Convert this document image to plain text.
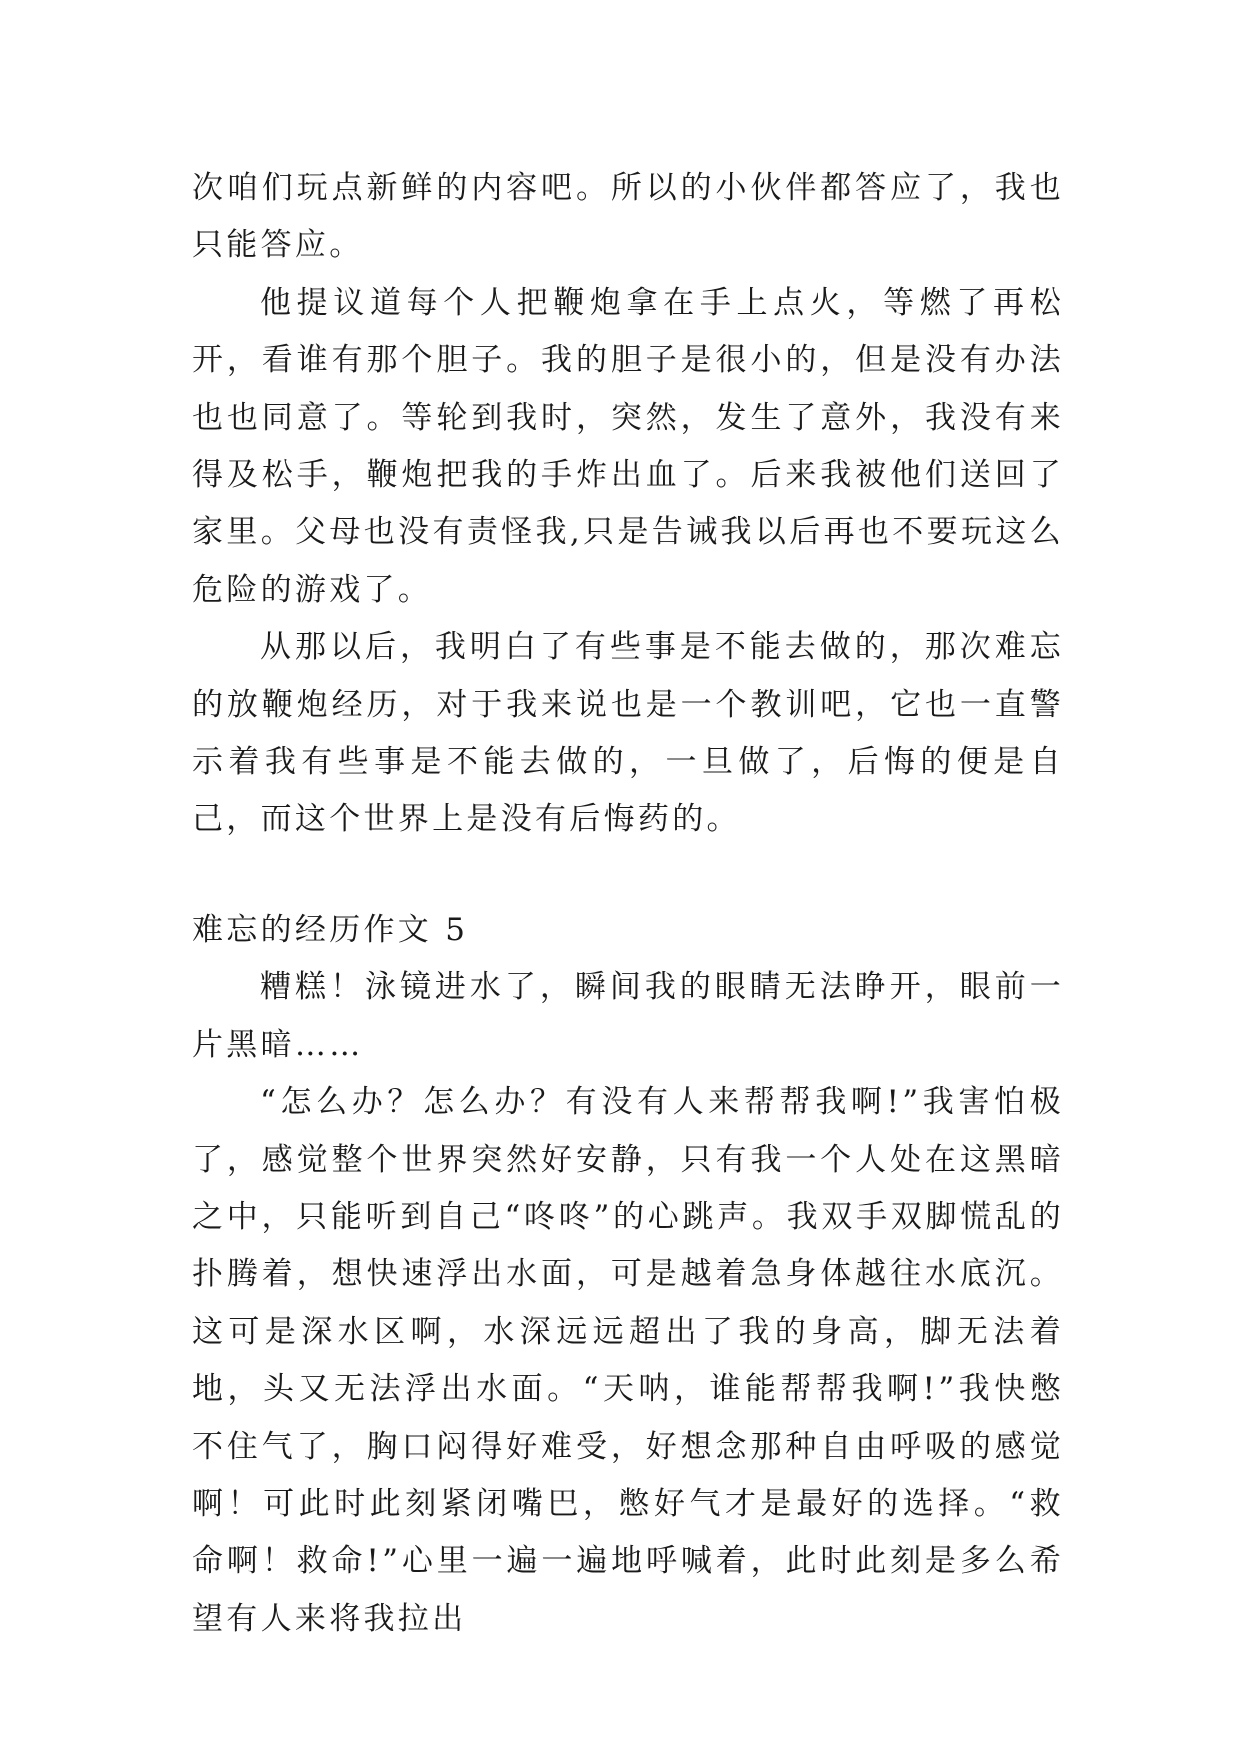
次咱们玩点新鲜的内容吧。所以的小伙伴都答应了，我也只能答应。

他提议道每个人把鞭炮拿在手上点火，等燃了再松开，看谁有那个胆子。我的胆子是很小的，但是没有办法也也同意了。等轮到我时，突然，发生了意外，我没有来得及松手，鞭炮把我的手炸出血了。后来我被他们送回了家里。父母也没有责怪我,只是告诫我以后再也不要玩这么危险的游戏了。

从那以后，我明白了有些事是不能去做的，那次难忘的放鞭炮经历，对于我来说也是一个教训吧，它也一直警示着我有些事是不能去做的，一旦做了，后悔的便是自己，而这个世界上是没有后悔药的。

难忘的经历作文 5

糟糕！泳镜进水了，瞬间我的眼睛无法睁开，眼前一片黑暗……

“怎么办？怎么办？有没有人来帮帮我啊!”我害怕极了，感觉整个世界突然好安静，只有我一个人处在这黑暗之中，只能听到自己“咚咚”的心跳声。我双手双脚慌乱的扑腾着，想快速浮出水面，可是越着急身体越往水底沉。这可是深水区啊，水深远远超出了我的身高，脚无法着地，头又无法浮出水面。“天呐，谁能帮帮我啊!”我快憋不住气了，胸口闷得好难受，好想念那种自由呼吸的感觉啊！可此时此刻紧闭嘴巴，憋好气才是最好的选择。“救命啊！救命!”心里一遍一遍地呼喊着，此时此刻是多么希望有人来将我拉出
